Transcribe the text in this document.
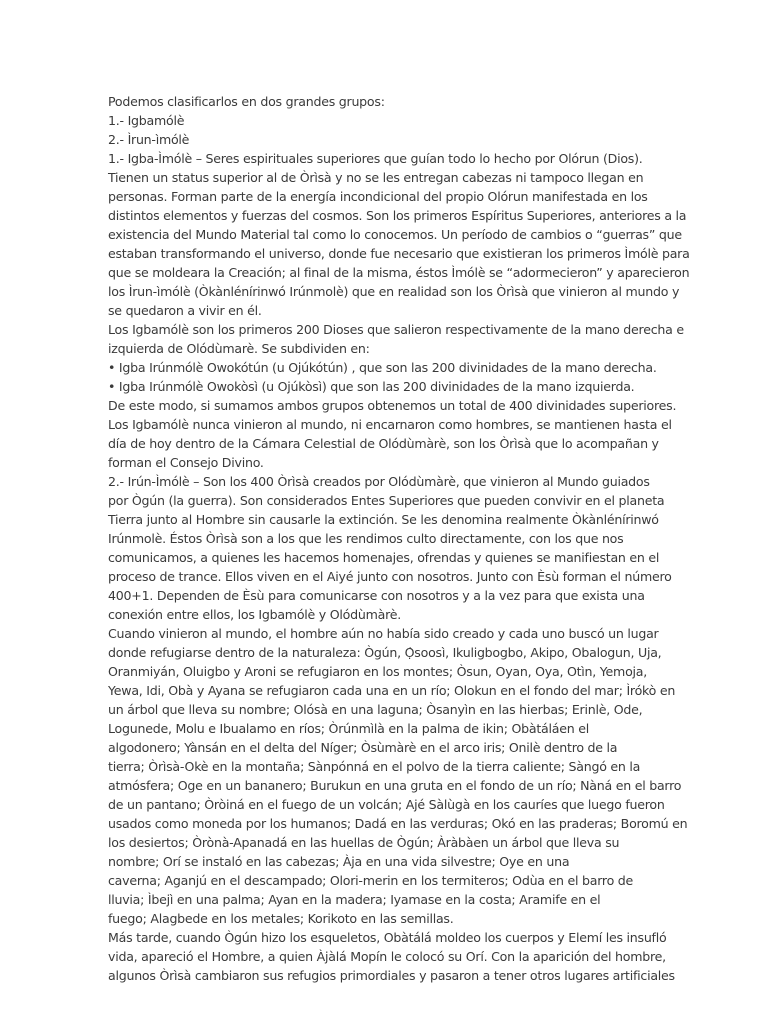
Podemos clasificarlos en dos grandes grupos:
1.- Igbamólè
2.- Ìrun-ìmólè
1.- Igba-Ìmólè – Seres espirituales superiores que guían todo lo hecho por Olórun (Dios).
Tienen un status superior al de Òrìsà y no se les entregan cabezas ni tampoco llegan en
personas. Forman parte de la energía incondicional del propio Olórun manifestada en los
distintos elementos y fuerzas del cosmos. Son los primeros Espíritus Superiores, anteriores a la
existencia del Mundo Material tal como lo conocemos. Un período de cambios o “guerras” que
estaban transformando el universo, donde fue necesario que existieran los primeros Ìmólè para
que se moldeara la Creación; al final de la misma, éstos Ìmólè se “adormecieron” y aparecieron
los Ìrun-ìmólè (Òkànlénírinwó Irúnmolè) que en realidad son los Òrìsà que vinieron al mundo y
se quedaron a vivir en él.
Los Igbamólè son los primeros 200 Dioses que salieron respectivamente de la mano derecha e
izquierda de Olódùmarè. Se subdividen en:
• Igba Irúnmólè Owokótún (u Ojúkótún) , que son las 200 divinidades de la mano derecha.
• Igba Irúnmólè Owokòsì (u Ojúkòsì) que son las 200 divinidades de la mano izquierda.
De este modo, si sumamos ambos grupos obtenemos un total de 400 divinidades superiores.
Los Igbamólè nunca vinieron al mundo, ni encarnaron como hombres, se mantienen hasta el
día de hoy dentro de la Cámara Celestial de Olódùmàrè, son los Òrìsà que lo acompañan y
forman el Consejo Divino.
2.- Irún-Ìmólè – Son los 400 Òrìsà creados por Olódùmàrè, que vinieron al Mundo guiados
por Ògún (la guerra). Son considerados Entes Superiores que pueden convivir en el planeta
Tierra junto al Hombre sin causarle la extinción. Se les denomina realmente Òkànlénírinwó
Irúnmolè. Éstos Òrìsà son a los que les rendimos culto directamente, con los que nos
comunicamos, a quienes les hacemos homenajes, ofrendas y quienes se manifiestan en el
proceso de trance. Ellos viven en el Aiyé junto con nosotros. Junto con Èsù forman el número
400+1. Dependen de Èsù para comunicarse con nosotros y a la vez para que exista una
conexión entre ellos, los Igbamólè y Olódùmàrè.
Cuando vinieron al mundo, el hombre aún no había sido creado y cada uno buscó un lugar
donde refugiarse dentro de la naturaleza: Ògún, Ọ̀soosì, Ikuligbogbo, Akipo, Obalogun, Uja,
Oranmiyán, Oluigbo y Aroni se refugiaron en los montes; Òsun, Oyan, Oya, Otìn, Yemoja,
Yewa, Idi, Obà y Ayana se refugiaron cada una en un río; Olokun en el fondo del mar; Ìrókò en
un árbol que lleva su nombre; Olósà en una laguna; Òsanyìn en las hierbas; Erinlè, Ode,
Logunede, Molu e Ibualamo en ríos; Òrúnmìlà en la palma de ikin; Obàtáláen el
algodonero; Yànsán en el delta del Níger; Òsùmàrè en el arco iris; Onilè dentro de la
tierra; Òrìsà-Okè en la montaña; Sànpónná en el polvo de la tierra caliente; Sàngó en la
atmósfera; Oge en un bananero; Burukun en una gruta en el fondo de un río; Nàná en el barro
de un pantano; Òròiná en el fuego de un volcán; Ajé Sàlùgà en los cauríes que luego fueron
usados como moneda por los humanos; Dadá en las verduras; Okó en las praderas; Boromú en
los desiertos; Òrònà-Apanadá en las huellas de Ògún; Àràbàen un árbol que lleva su
nombre; Orí se instaló en las cabezas; Àja en una vida silvestre; Oye en una
caverna; Aganjú en el descampado; Olori-merin en los termiteros; Odùa en el barro de
lluvia; Ìbejì en una palma; Ayan en la madera; Iyamase en la costa; Aramife en el
fuego; Alagbede en los metales; Korikoto en las semillas.
Más tarde, cuando Ògún hizo los esqueletos, Obàtálá moldeo los cuerpos y Elemí les insufló
vida, apareció el Hombre, a quien Àjàlá Mopín le colocó su Orí. Con la aparición del hombre,
algunos Òrìsà cambiaron sus refugios primordiales y pasaron a tener otros lugares artificiales
